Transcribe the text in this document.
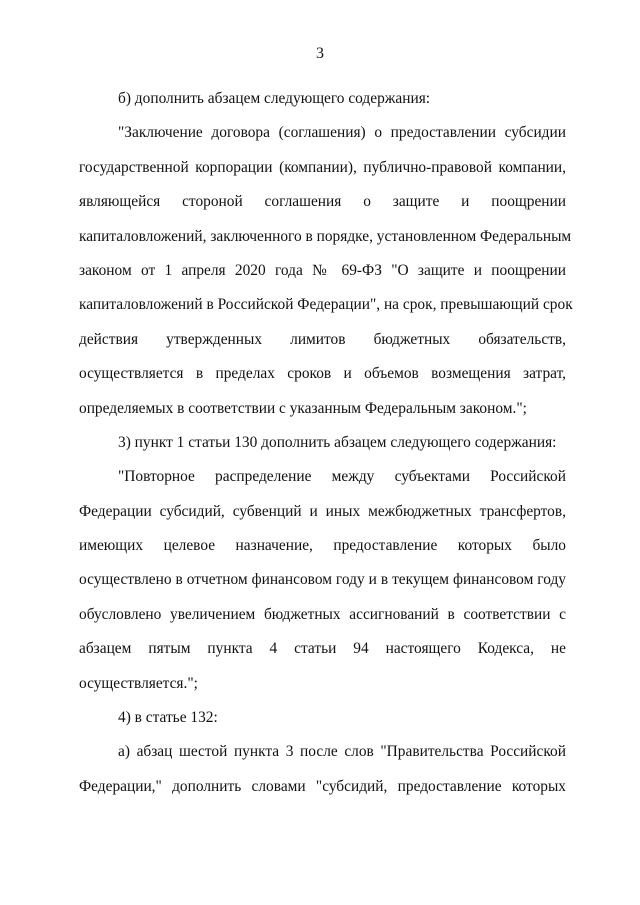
3
б) дополнить абзацем следующего содержания:
"Заключение договора (соглашения) о предоставлении субсидии
государственной корпорации (компании), публично-правовой компании,
являющейся стороной соглашения о защите и поощрении
капиталовложений, заключенного в порядке, установленном Федеральным
законом от 1 апреля 2020 года № 69-ФЗ "О защите и поощрении
капиталовложений в Российской Федерации", на срок, превышающий срок
действия утвержденных лимитов бюджетных обязательств,
осуществляется в пределах сроков и объемов возмещения затрат,
определяемых в соответствии с указанным Федеральным законом.";
3) пункт 1 статьи 130 дополнить абзацем следующего содержания:
"Повторное распределение между субъектами Российской
Федерации субсидий, субвенций и иных межбюджетных трансфертов,
имеющих целевое назначение, предоставление которых было
осуществлено в отчетном финансовом году и в текущем финансовом году
обусловлено увеличением бюджетных ассигнований в соответствии с
абзацем пятым пункта 4 статьи 94 настоящего Кодекса, не
осуществляется.";
4) в статье 132:
а) абзац шестой пункта 3 после слов "Правительства Российской
Федерации," дополнить словами "субсидий, предоставление которых
